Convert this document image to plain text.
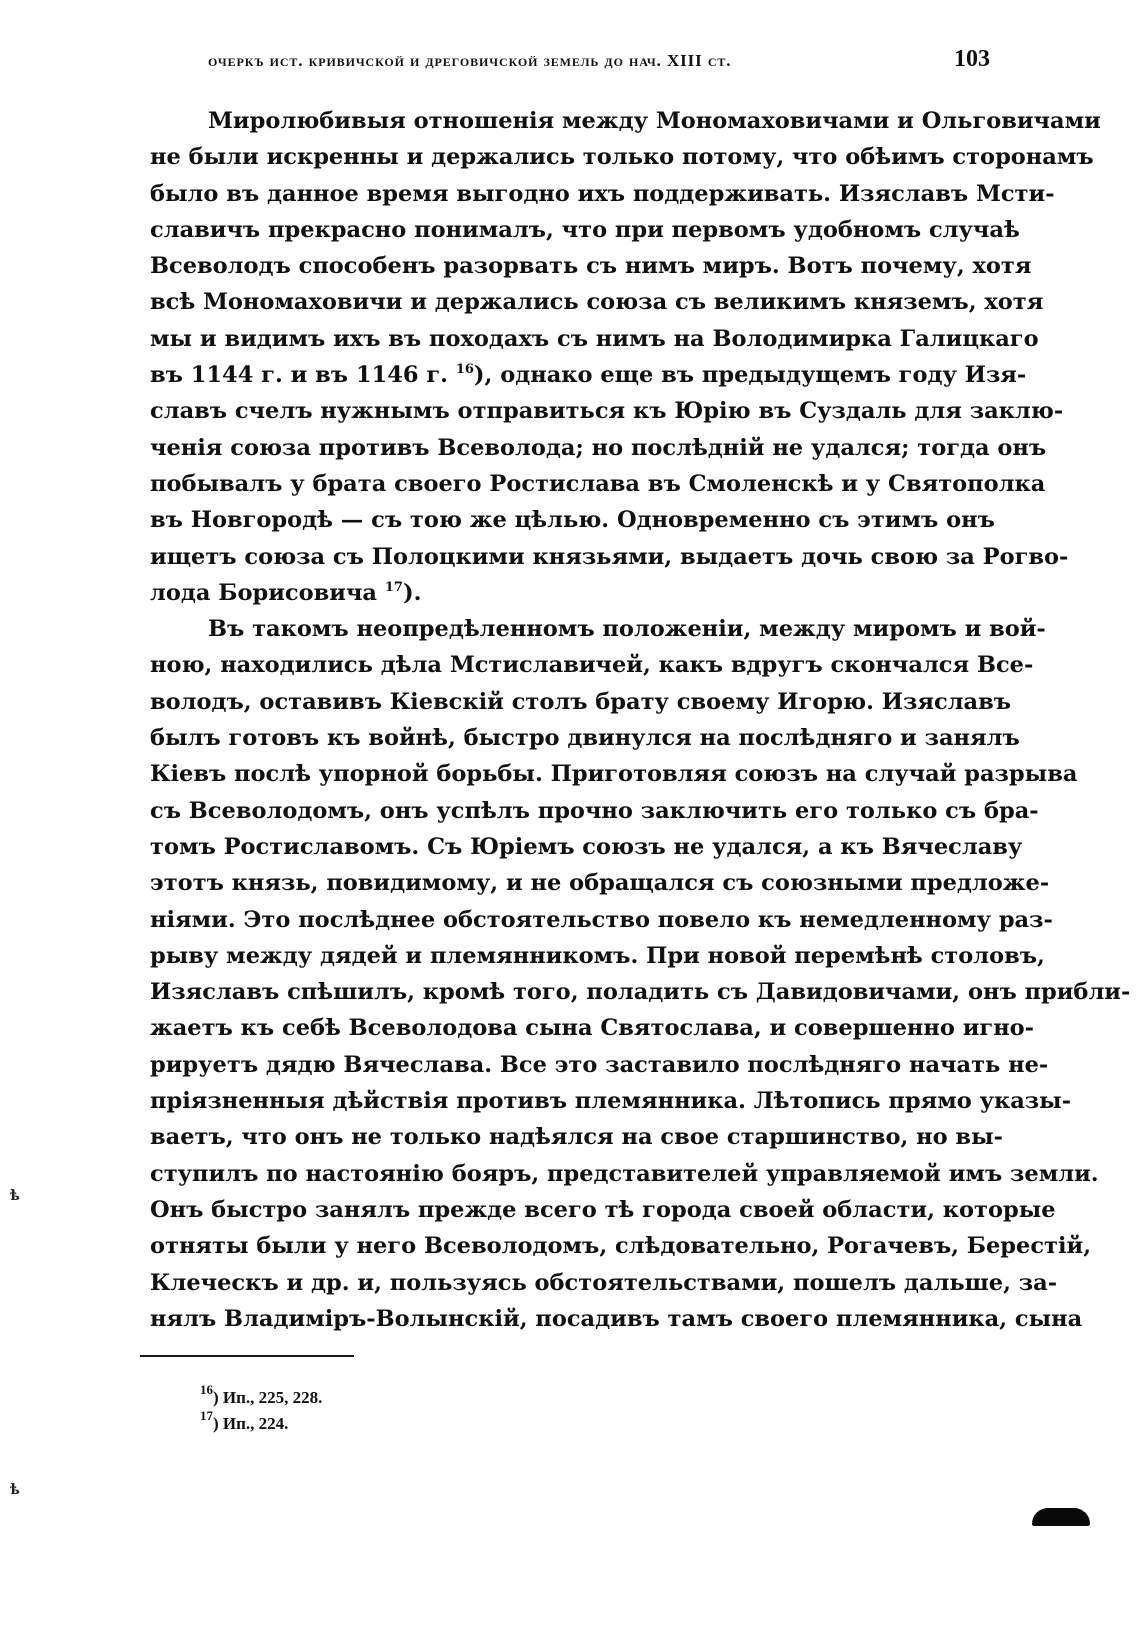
очеркъ ист. кривичской и дреговичской земель до нач. XIII ст.	103
Миролюбивыя отношенія между Мономаховичами и Ольговичами
не были искренны и держались только потому, что обѣимъ сторонамъ
было въ данное время выгодно ихъ поддерживать. Изяславъ Мсти-
славичъ прекрасно понималъ, что при первомъ удобномъ случаѣ
Всеволодъ способенъ разорвать съ нимъ миръ. Вотъ почему, хотя
всѣ Мономаховичи и держались союза съ великимъ княземъ, хотя
мы и видимъ ихъ въ походахъ съ нимъ на Володимирка Галицкаго
въ 1144 г. и въ 1146 г. $^{16}$), однако еще въ предыдущемъ году Изя-
славъ счелъ нужнымъ отправиться къ Юрію въ Суздаль для заклю-
ченія союза противъ Всеволода; но послѣдній не удался; тогда онъ
побывалъ у брата своего Ростислава въ Смоленскѣ и у Святополка
въ Новгородѣ — съ тою же цѣлью. Одновременно съ этимъ онъ
ищетъ союза съ Полоцкими князьями, выдаетъ дочь свою за Рогво-
лода Борисовича $^{17}$).
Въ такомъ неопредѣленномъ положеніи, между миромъ и вой-
ною, находились дѣла Мстиславичей, какъ вдругъ скончался Все-
володъ, оставивъ Кіевскій столъ брату своему Игорю. Изяславъ
былъ готовъ къ войнѣ, быстро двинулся на послѣдняго и занялъ
Кіевъ послѣ упорной борьбы. Приготовляя союзъ на случай разрыва
съ Всеволодомъ, онъ успѣлъ прочно заключить его только съ бра-
томъ Ростиславомъ. Съ Юріемъ союзъ не удался, а къ Вячеславу
этотъ князь, повидимому, и не обращался съ союзными предложе-
ніями. Это послѣднее обстоятельство повело къ немедленному раз-
рыву между дядей и племянникомъ. При новой перемѣнѣ столовъ,
Изяславъ спѣшилъ, кромѣ того, поладить съ Давидовичами, онъ прибли-
жаетъ къ себѣ Всеволодова сына Святослава, и совершенно игно-
рируетъ дядю Вячеслава. Все это заставило послѣдняго начать не-
пріязненныя дѣйствія противъ племянника. Лѣтопись прямо указы-
ваетъ, что онъ не только надѣялся на свое старшинство, но вы-
ступилъ по настоянію бояръ, представителей управляемой имъ земли.
Онъ быстро занялъ прежде всего тѣ города своей области, которые
отняты были у него Всеволодомъ, слѣдовательно, Рогачевъ, Берестій,
Клеческъ и др. и, пользуясь обстоятельствами, пошелъ дальше, за-
нялъ Владиміръ-Волынскій, посадивъ тамъ своего племянника, сына
$^{16}$) Ип., 225, 228.
$^{17}$) Ип., 224.
ѣ
ѣ
